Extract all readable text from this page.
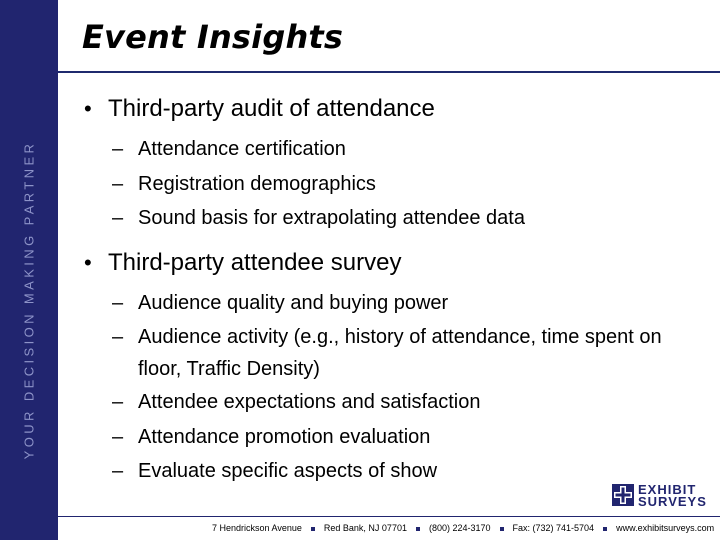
YOUR DECISION MAKING PARTNER
Event Insights
• Third-party audit of attendance
– Attendance certification
– Registration demographics
– Sound basis for extrapolating attendee data
• Third-party attendee survey
– Audience quality and buying power
– Audience activity (e.g., history of attendance, time spent on floor, Traffic Density)
– Attendee expectations and satisfaction
– Attendance promotion evaluation
– Evaluate specific aspects of show
EXHIBIT
SURVEYS
7 Hendrickson Avenue Red Bank, NJ 07701 (800) 224-3170 Fax: (732) 741-5704 www.exhibitsurveys.com
